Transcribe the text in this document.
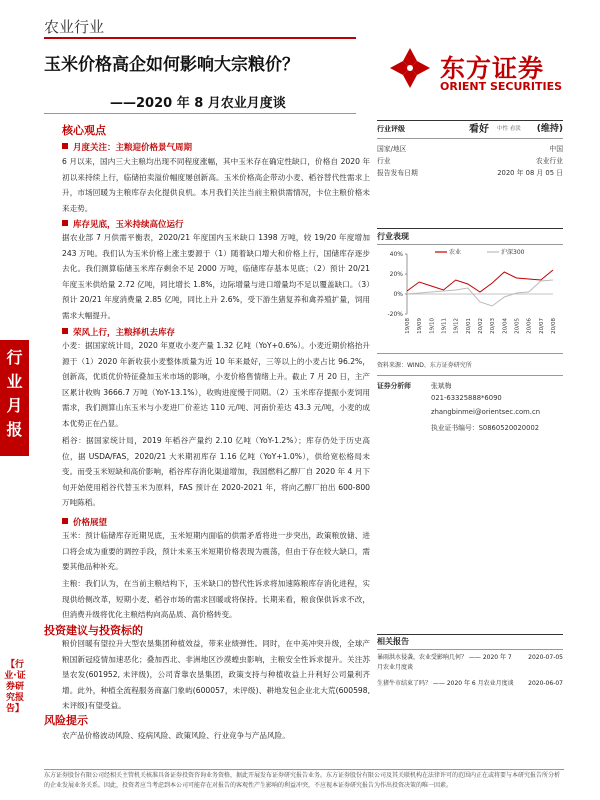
农业行业
玉米价格高企如何影响大宗粮价？
——2020 年 8 月农业月度谈
东方证券
ORIENT SECURITIES
行
业
月
报
【行业·证券研究报告】
核心观点
月度关注：主粮迎价格景气周期
6 月以来，国内三大主粮均出现不同程度涨幅，其中玉米存在确定性缺口，价格自 2020 年初以来持续上行，临储拍卖溢价幅度屡创新高。玉米价格高企带动小麦、稻谷替代性需求上升，市场回暖为主粮库存去化提供良机。本月我们关注当前主粮供需情况，卡位主粮价格未来走势。
库存见底，玉米持续高位运行
据农业部 7 月供需平衡表，2020/21 年度国内玉米缺口 1398 万吨，较 19/20 年度增加 243 万吨。我们认为玉米价格上涨主要源于（1）随着缺口增大和价格上行，国储库存逐步去化。我们测算临储玉米库存剩余不足 2000 万吨，临储库存基本见底；（2）预计 20/21 年度玉米供给量 2.72 亿吨，同比增长 1.8%，边际增量与进口增量均不足以覆盖缺口。（3）预计 20/21 年度消费量 2.85 亿吨，同比上升 2.6%，受下游生猪复养和禽养殖扩量，饲用需求大幅提升。
荣风上行，主粮择机去库存
小麦：据国家统计局，2020 年夏收小麦产量 1.32 亿吨（YoY+0.6%）。小麦近期价格抬升源于（1）2020 年新收获小麦整体质量为近 10 年来最好，三等以上的小麦占比 96.2%，创新高，优质优价特征叠加玉米市场的影响，小麦价格售情绪上升。截止 7 月 20 日，主产区累计收购 3666.7 万吨（YoY-13.1%），收购进度慢于同期。（2）玉米库存提振小麦饲用需求，我们测算山东玉米与小麦进厂价差达 110 元/吨、河南价差达 43.3 元/吨，小麦的成本优势正在凸显。
稻谷：据国家统计局，2019 年稻谷产量约 2.10 亿吨（YoY-1.2%）；库存仍处于历史高位，据 USDA/FAS，2020/21 大米期初库存 1.16 亿吨（YoY+1.0%），供给宽松格局未变。而受玉米短缺和高价影响，稻谷库存消化渠道增加，我国燃料乙醇厂自 2020 年 4 月下旬开始使用稻谷代替玉米为原料，FAS 预计在 2020-2021 年，将向乙醇厂拍出 600-800 万吨陈稻。
价格展望
玉米：预计临储库存近期见底，玉米短期内面临的供需矛盾将进一步突出，政策粮放储、进口将会成为重要的调控手段，预计未来玉米短期价格表现为震荡，但由于存在较大缺口，需要其他品种补充。
主粮：我们认为，在当前主粮结构下，玉米缺口的替代性诉求将加速陈粮库存消化进程，实现供给侧改革，短期小麦、稻谷市场的需求回暖或将保持。长期来看，粮食保供诉求不改，但消费升级将优化主粮结构向高品质、高价格转变。
投资建议与投资标的
粮价回暖有望拉升大型农垦集团种植效益，带来业绩弹性。同时，在中美冲突升级，全球产粮国新冠疫情加速恶化；叠加西北、非洲地区沙漠蝗虫影响，主粮安全性诉求提升。关注苏垦农发(601952, 未评级)，公司背靠农垦集团，政策支持与种植收益上升利好公司量利齐增。此外，种植全流程服务商嘉门象屿(600057，未评级)、耕地发包企业北大荒(600598, 未评级)有望受益。
风险提示
农产品价格波动风险、疫病风险、政策风险、行业竞争与产品风险。
行业评级	看好 中性 看淡 (维持)
国家/地区	中国
行业	农业行业
报告发布日期	2020 年 08 月 05 日
行业表现
40%
20%
0%
-20%
19/08 19/09 19/10 19/11 19/12 20/01 20/02 20/03 20/04 20/05 20/06 20/07 20/08
农业	沪深300
资料来源：WIND、东方证券研究所
证券分析师	张斌梅
021-63325888*6090
zhangbinmei@orientsec.com.cn
执业证书编号：S0860520020002
相关报告
暴雨洪水侵袭，农业受影响几何？ —— 2020 年 7 月农业月度谈
2020-07-05
生猪牛市结束了吗？ —— 2020 年 6 月农业月度谈	2020-06-07
东方证券股份有限公司经相关主管机关核准具备证券投资咨询业务资格，据此开展发布证券研究报告业务。东方证券股份有限公司及其关联机构在法律许可的范围内正在或将要与本研究报告所分析的企业发展业务关系。因此，投资者应当考虑到本公司可能存在对报告的客观性产生影响的利益冲突，不应视本证券研究报告为作出投资决策的唯一因素。
